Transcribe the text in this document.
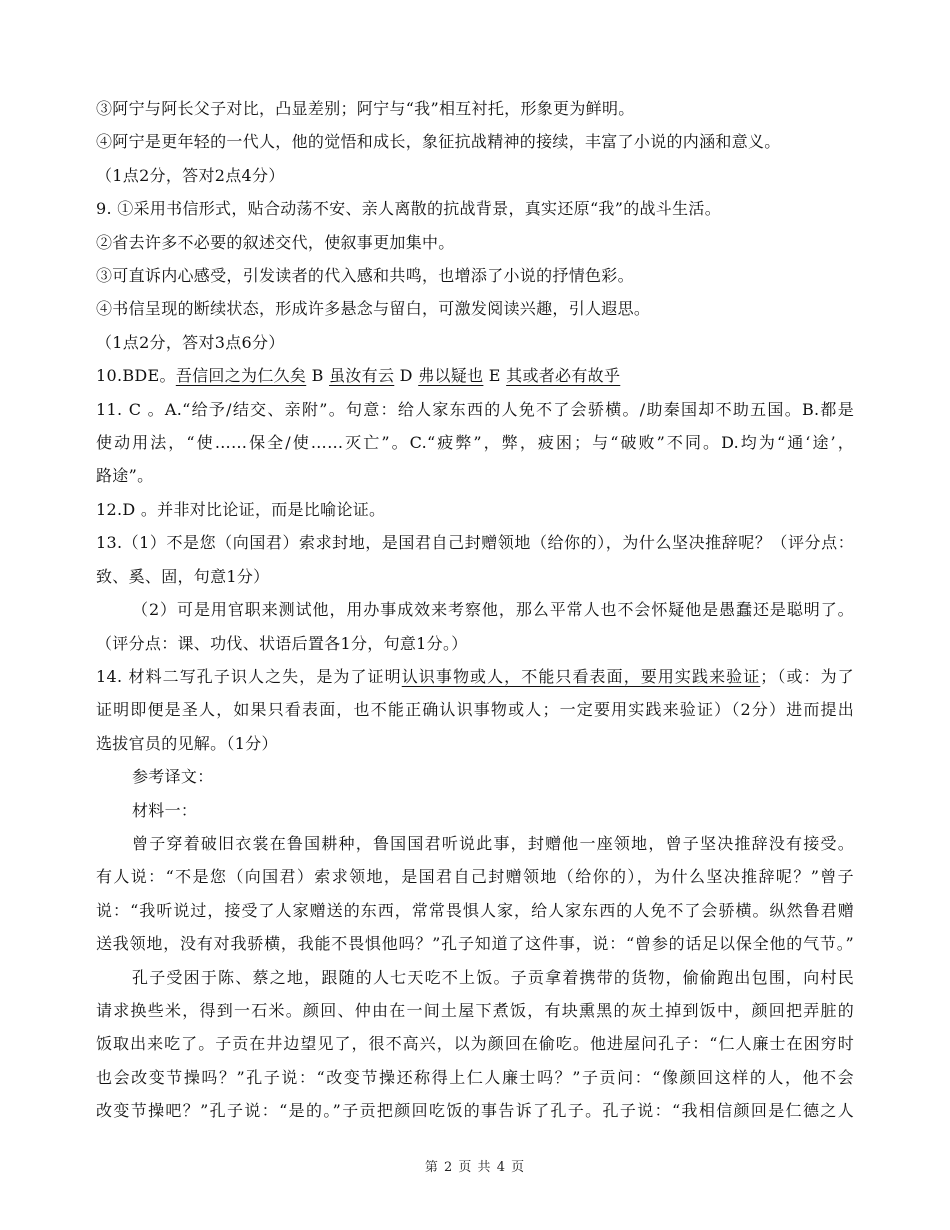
③阿宁与阿长父子对比，凸显差别；阿宁与“我”相互衬托，形象更为鲜明。
④阿宁是更年轻的一代人，他的觉悟和成长，象征抗战精神的接续，丰富了小说的内涵和意义。
（1点2分，答对2点4分）
9. ①采用书信形式，贴合动荡不安、亲人离散的抗战背景，真实还原“我”的战斗生活。
②省去许多不必要的叙述交代，使叙事更加集中。
③可直诉内心感受，引发读者的代入感和共鸣，也增添了小说的抒情色彩。
④书信呈现的断续状态，形成许多悬念与留白，可激发阅读兴趣，引人遐思。
（1点2分，答对3点6分）
10.BDE。吾信回之为仁久矣 B 虽汝有云 D 弗以疑也 E 其或者必有故乎
11. C 。A.“给予/结交、亲附”。句意：给人家东西的人免不了会骄横。/助秦国却不助五国。B.都是
使动用法，“使……保全/使……灭亡”。C.“疲弊”，弊，疲困；与“破败”不同。D.均为“通‘途’，
路途”。
12.D 。并非对比论证，而是比喻论证。
13.（1）不是您（向国君）索求封地，是国君自己封赠领地（给你的），为什么坚决推辞呢？（评分点：
致、奚、固，句意1分）
（2）可是用官职来测试他，用办事成效来考察他，那么平常人也不会怀疑他是愚蠢还是聪明了。
（评分点：课、功伐、状语后置各1分，句意1分。）
14. 材料二写孔子识人之失，是为了证明认识事物或人，不能只看表面，要用实践来验证；（或：为了
证明即便是圣人，如果只看表面，也不能正确认识事物或人；一定要用实践来验证）（2分）进而提出
选拔官员的见解。（1分）
参考译文：
材料一：
曾子穿着破旧衣裳在鲁国耕种，鲁国国君听说此事，封赠他一座领地，曾子坚决推辞没有接受。
有人说：“不是您（向国君）索求领地，是国君自己封赠领地（给你的），为什么坚决推辞呢？”曾子
说：“我听说过，接受了人家赠送的东西，常常畏惧人家，给人家东西的人免不了会骄横。纵然鲁君赠
送我领地，没有对我骄横，我能不畏惧他吗？”孔子知道了这件事，说：“曾参的话足以保全他的气节。”
孔子受困于陈、蔡之地，跟随的人七天吃不上饭。子贡拿着携带的货物，偷偷跑出包围，向村民
请求换些米，得到一石米。颜回、仲由在一间土屋下煮饭，有块熏黑的灰土掉到饭中，颜回把弄脏的
饭取出来吃了。子贡在井边望见了，很不高兴，以为颜回在偷吃。他进屋问孔子：“仁人廉士在困穷时
也会改变节操吗？”孔子说：“改变节操还称得上仁人廉士吗？”子贡问：“像颜回这样的人，他不会
改变节操吧？”孔子说：“是的。”子贡把颜回吃饭的事告诉了孔子。孔子说：“我相信颜回是仁德之人
第 2 页 共 4 页
